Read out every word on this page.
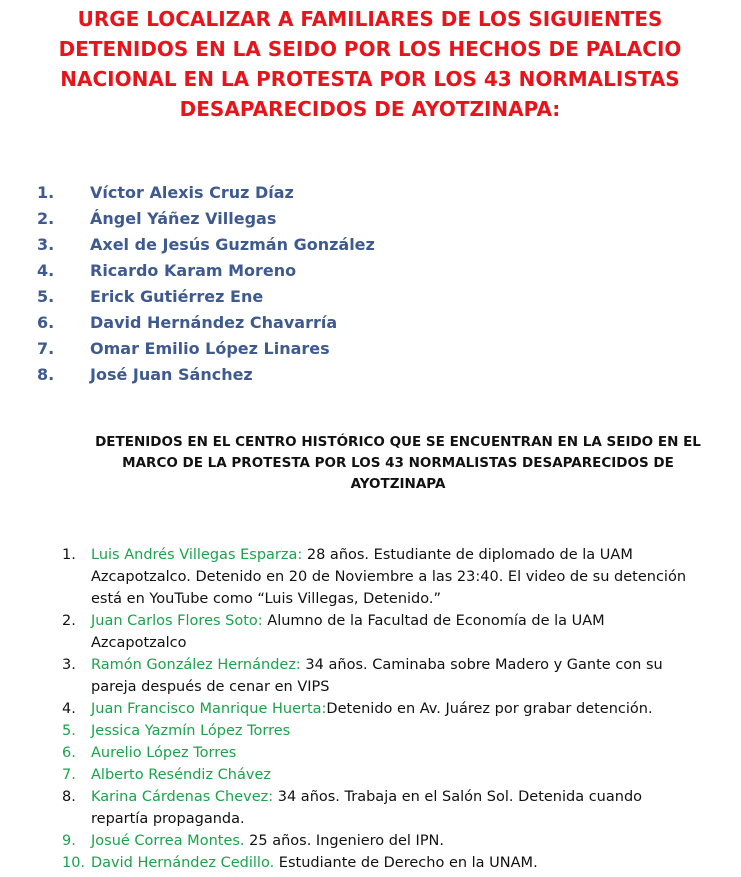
URGE LOCALIZAR A FAMILIARES DE LOS SIGUIENTES
DETENIDOS EN LA SEIDO POR LOS HECHOS DE PALACIO
NACIONAL EN LA PROTESTA POR LOS 43 NORMALISTAS
DESAPARECIDOS DE AYOTZINAPA:
1. Víctor Alexis Cruz Díaz
2. Ángel Yáñez Villegas
3. Axel de Jesús Guzmán González
4. Ricardo Karam Moreno
5. Erick Gutiérrez Ene
6. David Hernández Chavarría
7. Omar Emilio López Linares
8. José Juan Sánchez
DETENIDOS EN EL CENTRO HISTÓRICO QUE SE ENCUENTRAN EN LA SEIDO EN EL
MARCO DE LA PROTESTA POR LOS 43 NORMALISTAS DESAPARECIDOS DE
AYOTZINAPA
1.	Luis Andrés Villegas Esparza: 28 años. Estudiante de diplomado de la UAM
Azcapotzalco. Detenido en 20 de Noviembre a las 23:40. El video de su detención
está en YouTube como “Luis Villegas, Detenido.”
2.	Juan Carlos Flores Soto: Alumno de la Facultad de Economía de la UAM
Azcapotzalco
3.	Ramón González Hernández: 34 años. Caminaba sobre Madero y Gante con su
pareja después de cenar en VIPS
4.	Juan Francisco Manrique Huerta:Detenido en Av. Juárez por grabar detención.
5.	Jessica Yazmín López Torres
6.	Aurelio López Torres
7.	Alberto Reséndiz Chávez
8.	Karina Cárdenas Chevez: 34 años. Trabaja en el Salón Sol. Detenida cuando
repartía propaganda.
9.	Josué Correa Montes. 25 años. Ingeniero del IPN.
10. David Hernández Cedillo. Estudiante de Derecho en la UNAM.
